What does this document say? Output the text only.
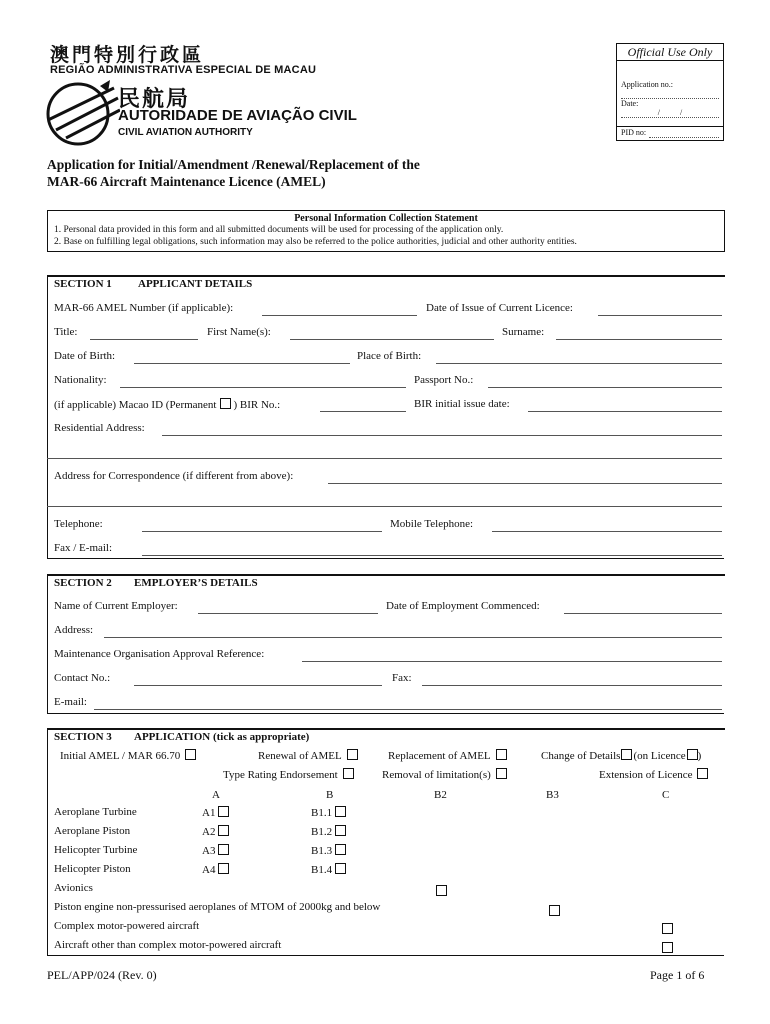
澳門特別行政區
REGIÃO ADMINISTRATIVA ESPECIAL DE MACAU
民航局
AUTORIDADE DE AVIAÇÃO CIVIL
CIVIL AVIATION AUTHORITY
Official Use Only
Application no.:
Date:
/          /
PID no:
Application for Initial/Amendment /Renewal/Replacement of the
MAR-66 Aircraft Maintenance Licence (AMEL)
Personal Information Collection Statement
1. Personal data provided in this form and all submitted documents will be used for processing of the application only.
2. Base on fulfilling legal obligations, such information may also be referred to the police authorities, judicial and other authority entities.
SECTION 1 APPLICANT DETAILS
MAR-66 AMEL Number (if applicable):	Date of Issue of Current Licence:
Title:	First Name(s):	Surname:
Date of Birth:	Place of Birth:
Nationality:	Passport No.:
(if applicable) Macao ID (Permanent ) BIR No.:	BIR initial issue date:
Residential Address:
Address for Correspondence (if different from above):
Telephone:	Mobile Telephone:
Fax / E-mail:
SECTION 2 EMPLOYER’S DETAILS
Name of Current Employer:	Date of Employment Commenced:
Address:
Maintenance Organisation Approval Reference:
Contact No.:	Fax:
E-mail:
SECTION 3 APPLICATION (tick as appropriate)
Initial AMEL / MAR 66.70	Renewal of AMEL	Replacement of AMEL	Change of Details (on Licence )
Type Rating Endorsement	Removal of limitation(s)	Extension of Licence
A	B	B2	B3	C
Aeroplane Turbine	A1	B1.1
Aeroplane Piston	A2	B1.2
Helicopter Turbine	A3	B1.3
Helicopter Piston	A4	B1.4
Avionics
Piston engine non-pressurised aeroplanes of MTOM of 2000kg and below
Complex motor-powered aircraft
Aircraft other than complex motor-powered aircraft
PEL/APP/024 (Rev. 0)	Page 1 of 6
